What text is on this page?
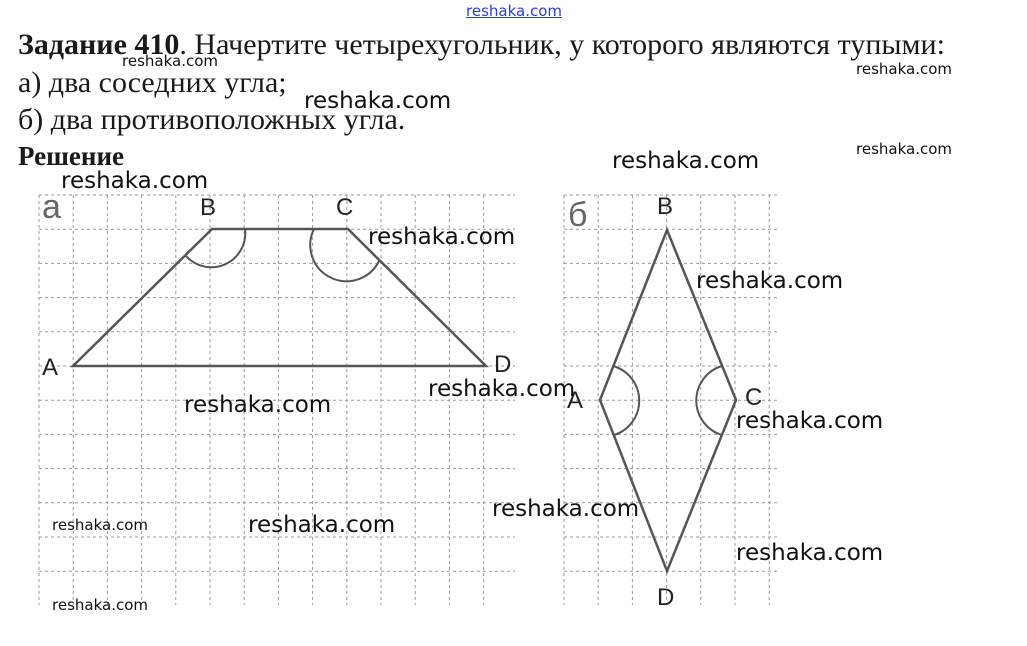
reshaka.com
Задание 410. Начертите четырехугольник, у которого являются тупыми:
а) два соседних угла;
б) два противоположных угла.
Решение
а	б
A
B	C
D
A
B
C
D
reshaka.com	reshaka.com
reshaka.com
reshaka.com
reshaka.com
reshaka.com
reshaka.com
reshaka.com
reshaka.com
reshaka.com
reshaka.com
reshaka.com
reshaka.com	reshaka.com
reshaka.com
reshaka.com
